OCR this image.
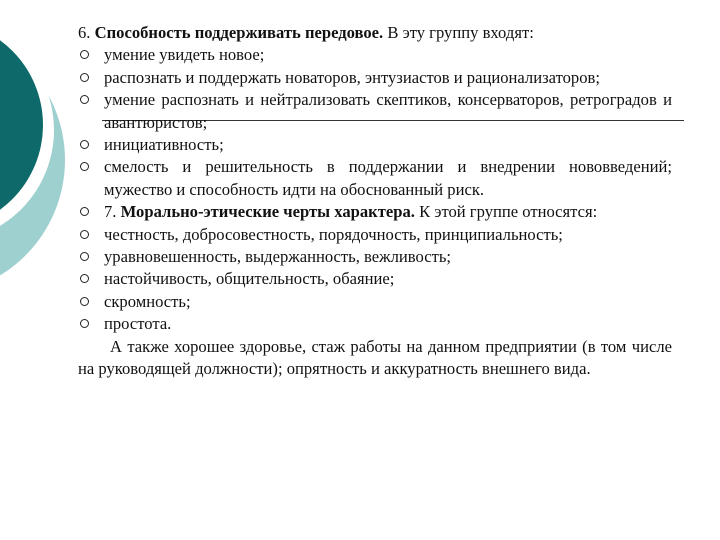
6. Способность поддерживать передовое. В эту группу входят:
умение увидеть новое;
распознать и поддержать новаторов, энтузиастов и рационализаторов;
умение распознать и нейтрализовать скептиков, консерваторов, ретроградов и авантюристов;
инициативность;
смелость и решительность в поддержании и внедрении нововведений; мужество и способность идти на обоснованный риск.
7. Морально-этические черты характера. К этой группе относятся:
честность, добросовестность, порядочность, принципиальность;
уравновешенность, выдержанность, вежливость;
настойчивость, общительность, обаяние;
скромность;
простота.
А также хорошее здоровье, стаж работы на данном предприятии (в том числе на руководящей должности); опрятность и аккуратность внешнего вида.
